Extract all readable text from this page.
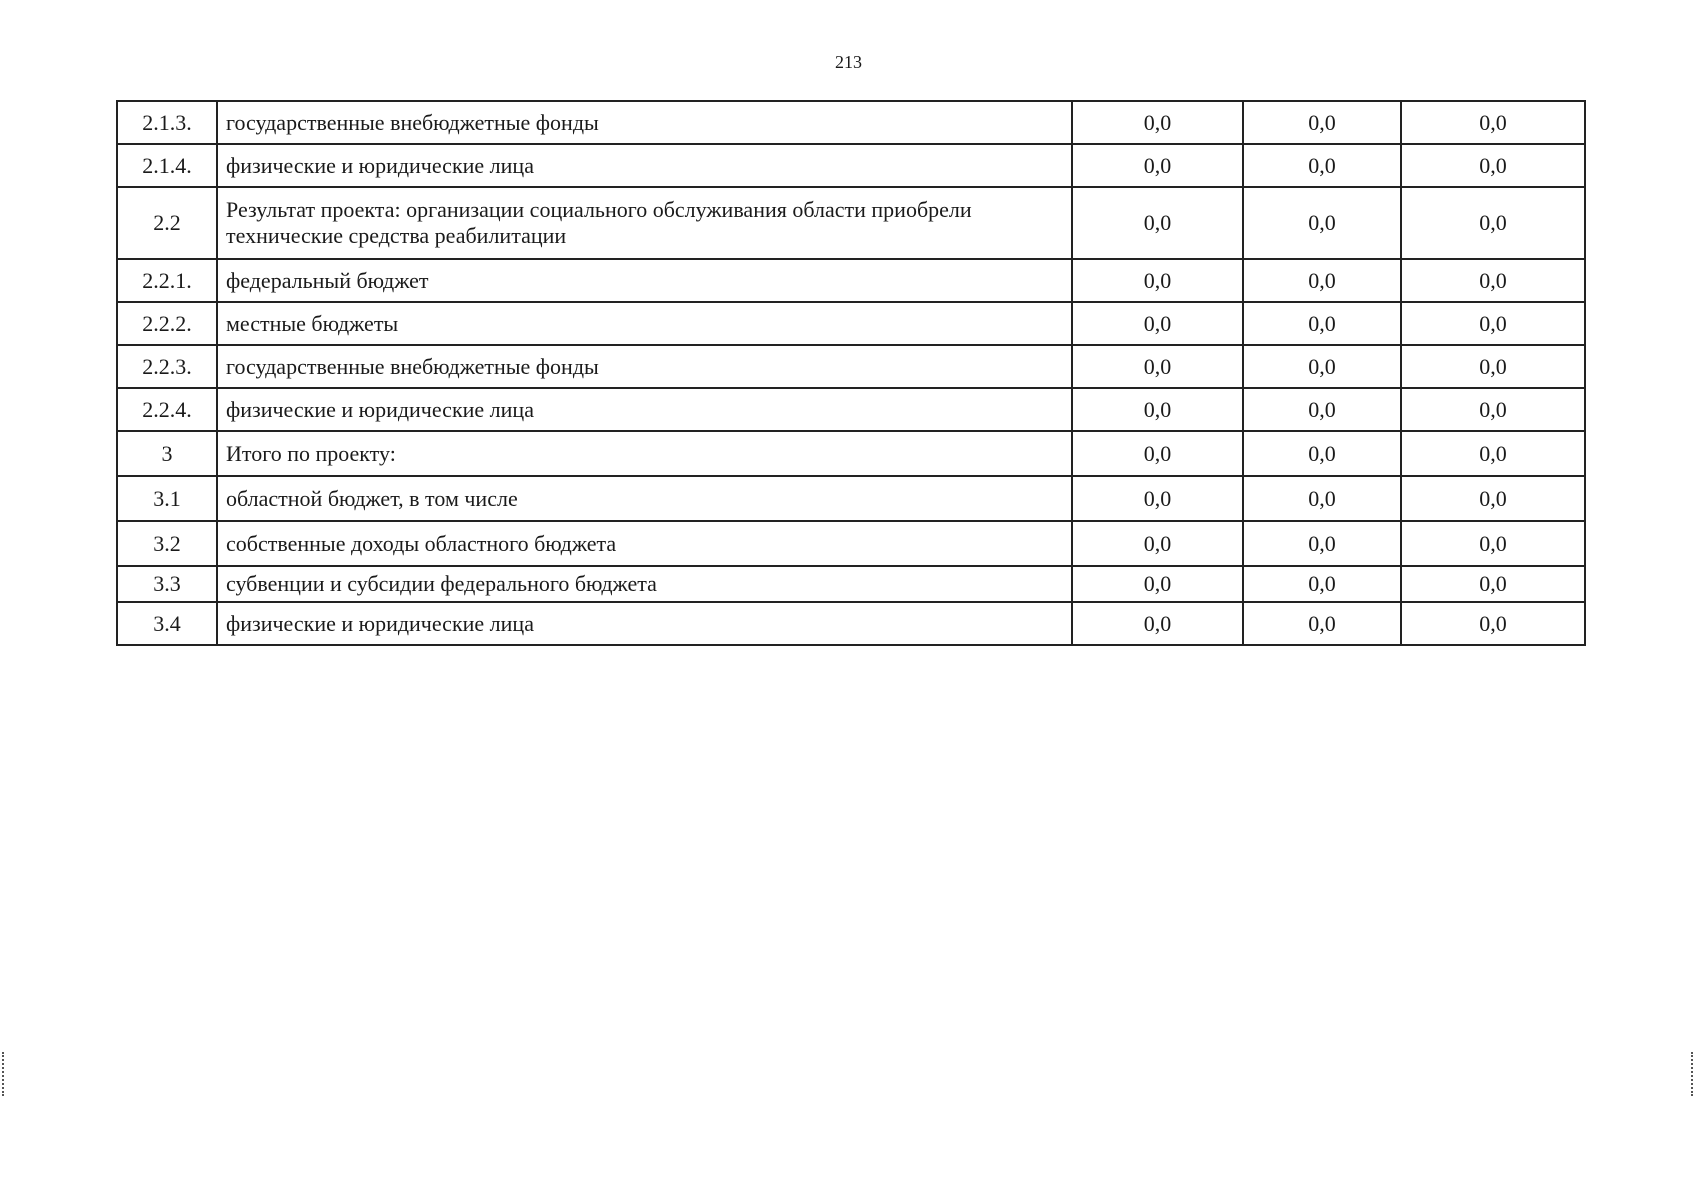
213
2.1.3.	государственные внебюджетные фонды	0,0	0,0	0,0
2.1.4.	физические и юридические лица	0,0	0,0	0,0
2.2	Результат проекта: организации социального обслуживания области приобрели технические средства реабилитации	0,0	0,0	0,0
2.2.1.	федеральный бюджет	0,0	0,0	0,0
2.2.2.	местные бюджеты	0,0	0,0	0,0
2.2.3.	государственные внебюджетные фонды	0,0	0,0	0,0
2.2.4.	физические и юридические лица	0,0	0,0	0,0
3	Итого по проекту:	0,0	0,0	0,0
3.1	областной бюджет, в том числе	0,0	0,0	0,0
3.2	собственные доходы областного бюджета	0,0	0,0	0,0
3.3	субвенции и субсидии федерального бюджета	0,0	0,0	0,0
3.4	физические и юридические лица	0,0	0,0	0,0
